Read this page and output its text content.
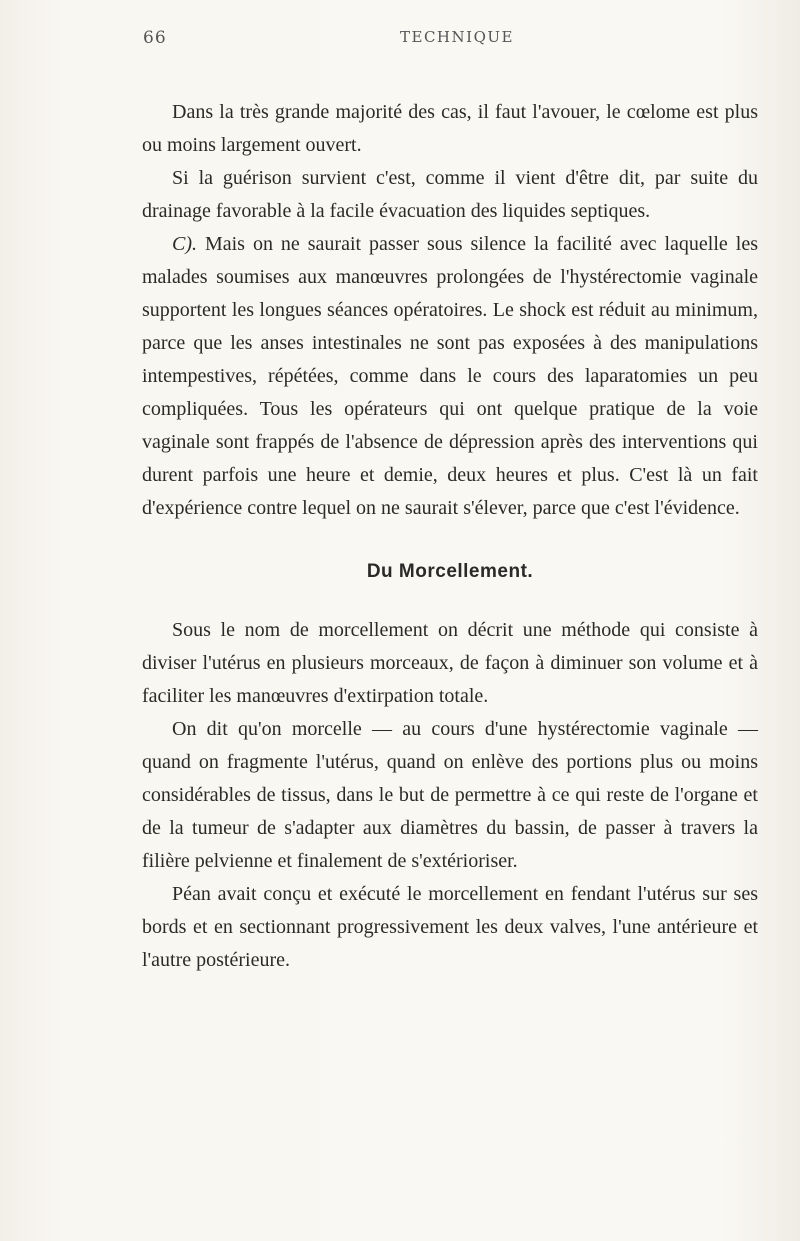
66	TECHNIQUE

Dans la très grande majorité des cas, il faut l'avouer, le cœlome est plus ou moins largement ouvert.

Si la guérison survient c'est, comme il vient d'être dit, par suite du drainage favorable à la facile évacuation des liquides septiques.

C). Mais on ne saurait passer sous silence la facilité avec laquelle les malades soumises aux manœuvres prolongées de l'hystérectomie vaginale supportent les longues séances opératoires. Le shock est réduit au minimum, parce que les anses intestinales ne sont pas exposées à des manipulations intempestives, répétées, comme dans le cours des laparatomies un peu compliquées. Tous les opérateurs qui ont quelque pratique de la voie vaginale sont frappés de l'absence de dépression après des interventions qui durent parfois une heure et demie, deux heures et plus. C'est là un fait d'expérience contre lequel on ne saurait s'élever, parce que c'est l'évidence.

Du Morcellement.

Sous le nom de morcellement on décrit une méthode qui consiste à diviser l'utérus en plusieurs morceaux, de façon à diminuer son volume et à faciliter les manœuvres d'extirpation totale.

On dit qu'on morcelle — au cours d'une hystérectomie vaginale — quand on fragmente l'utérus, quand on enlève des portions plus ou moins considérables de tissus, dans le but de permettre à ce qui reste de l'organe et de la tumeur de s'adapter aux diamètres du bassin, de passer à travers la filière pelvienne et finalement de s'extérioriser.

Péan avait conçu et exécuté le morcellement en fendant l'utérus sur ses bords et en sectionnant progressivement les deux valves, l'une antérieure et l'autre postérieure.
